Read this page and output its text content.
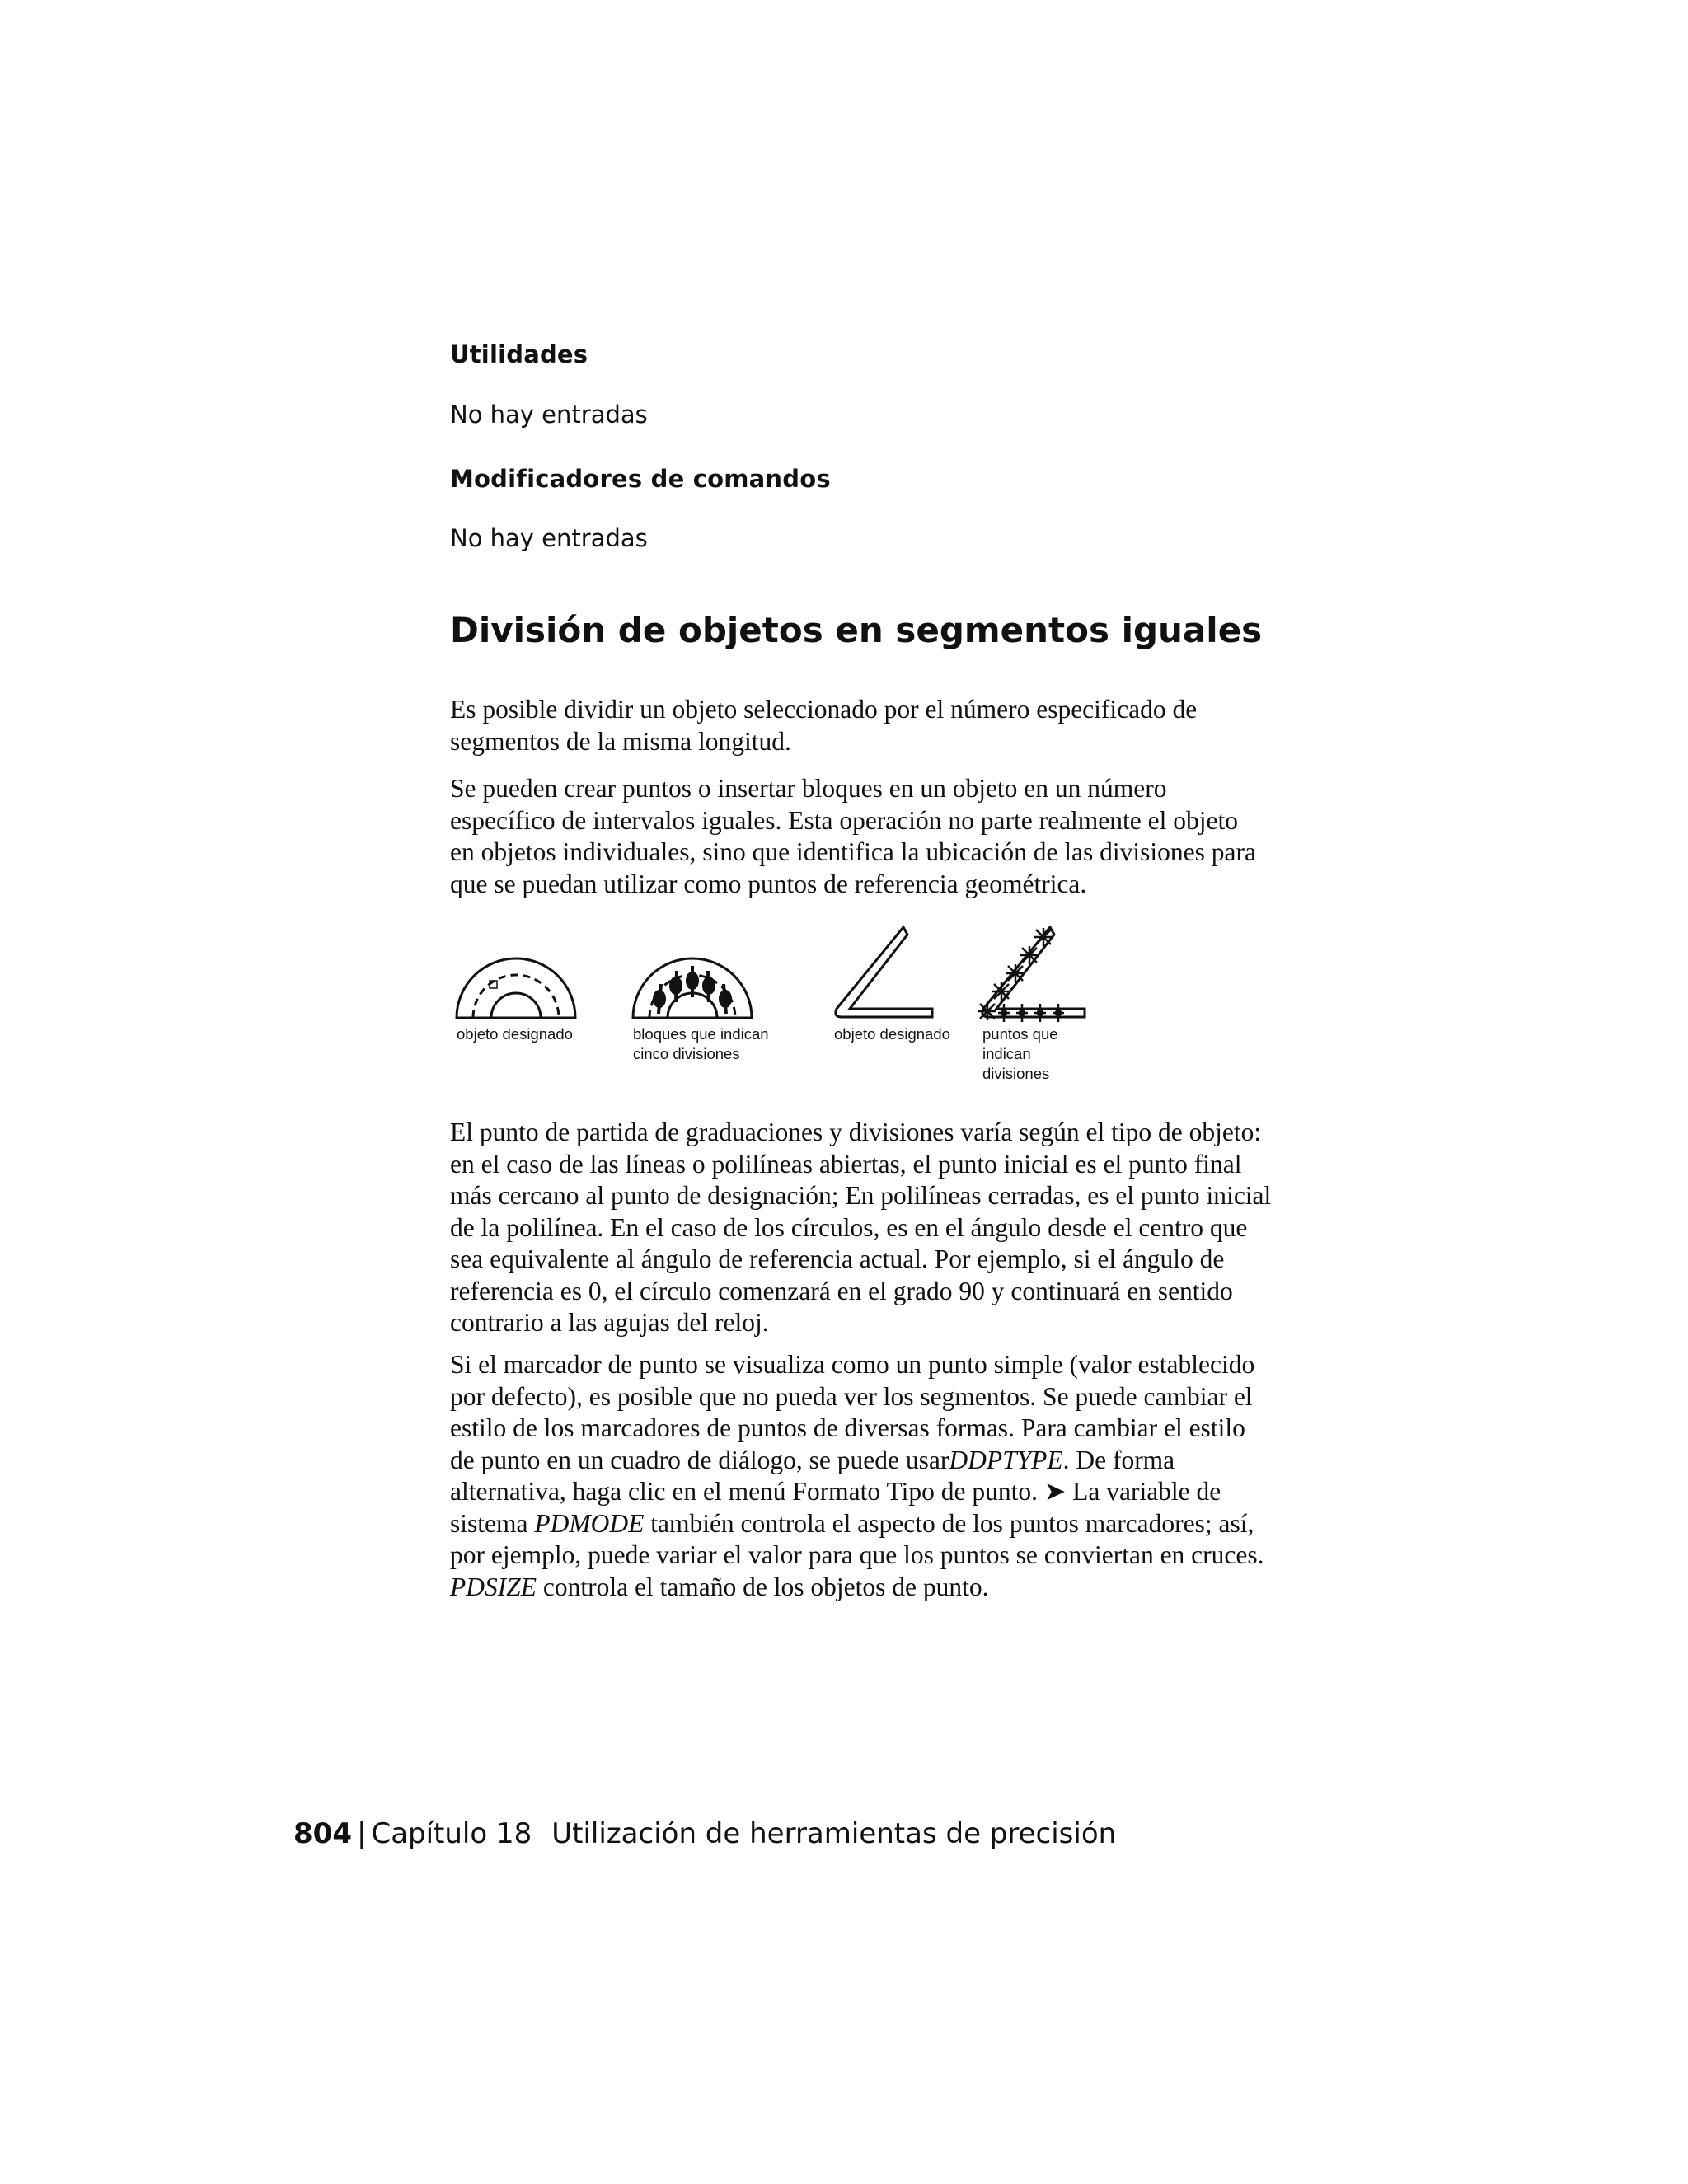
Utilidades
No hay entradas
Modificadores de comandos
No hay entradas
División de objetos en segmentos iguales
Es posible dividir un objeto seleccionado por el número especificado de
segmentos de la misma longitud.
Se pueden crear puntos o insertar bloques en un objeto en un número
específico de intervalos iguales. Esta operación no parte realmente el objeto
en objetos individuales, sino que identifica la ubicación de las divisiones para
que se puedan utilizar como puntos de referencia geométrica.
objeto designado	bloques que indican
cinco divisiones
objeto designado puntos que
indican
divisiones
El punto de partida de graduaciones y divisiones varía según el tipo de objeto:
en el caso de las líneas o polilíneas abiertas, el punto inicial es el punto final
más cercano al punto de designación; En polilíneas cerradas, es el punto inicial
de la polilínea. En el caso de los círculos, es en el ángulo desde el centro que
sea equivalente al ángulo de referencia actual. Por ejemplo, si el ángulo de
referencia es 0, el círculo comenzará en el grado 90 y continuará en sentido
contrario a las agujas del reloj.
Si el marcador de punto se visualiza como un punto simple (valor establecido
por defecto), es posible que no pueda ver los segmentos. Se puede cambiar el
estilo de los marcadores de puntos de diversas formas. Para cambiar el estilo
de punto en un cuadro de diálogo, se puede usarDDPTYPE. De forma
alternativa, haga clic en el menú Formato Tipo de punto. ➤ La variable de
sistema PDMODE también controla el aspecto de los puntos marcadores; así,
por ejemplo, puede variar el valor para que los puntos se conviertan en cruces.
PDSIZE controla el tamaño de los objetos de punto.
804 | Capítulo 18 Utilización de herramientas de precisión
